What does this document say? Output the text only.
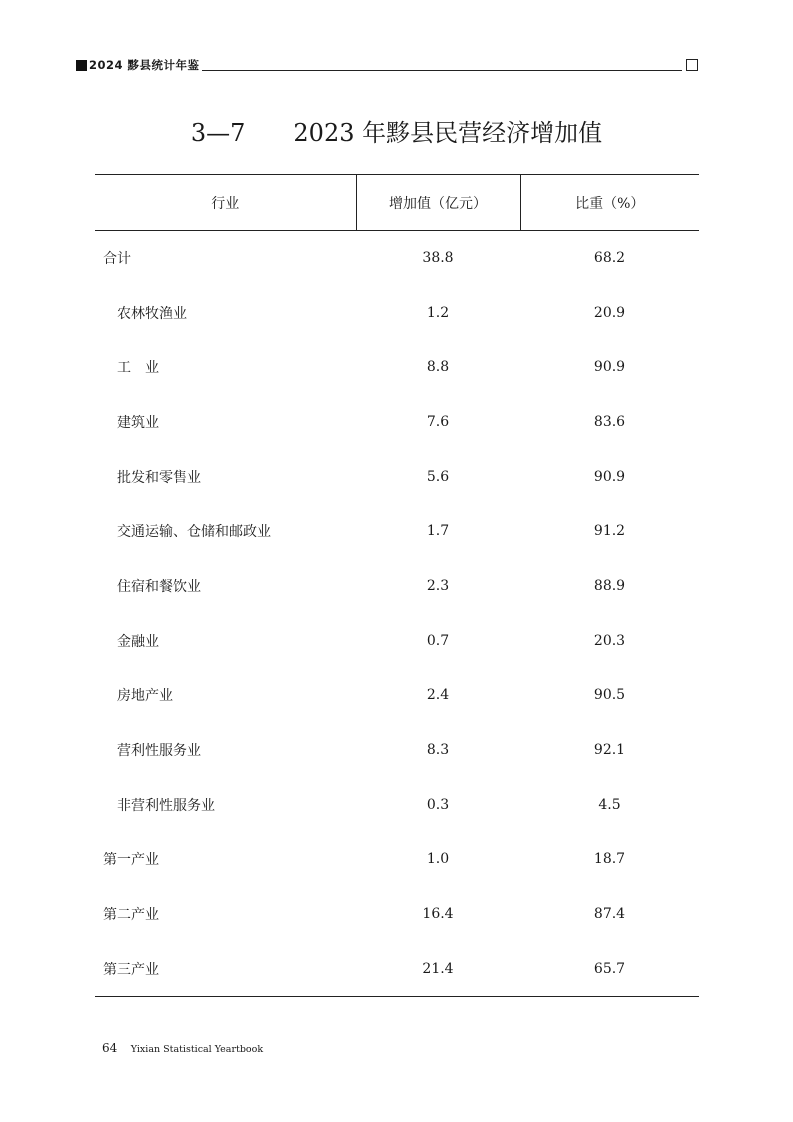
2024 黟县统计年鉴
3—7 2023 年黟县民营经济增加值
行业	增加值（亿元）	比重（%）
合计	38.8	68.2
农林牧渔业	1.2	20.9
工　业	8.8	90.9
建筑业	7.6	83.6
批发和零售业	5.6	90.9
交通运输、仓储和邮政业	1.7	91.2
住宿和餐饮业	2.3	88.9
金融业	0.7	20.3
房地产业	2.4	90.5
营利性服务业	8.3	92.1
非营利性服务业	0.3	4.5
第一产业	1.0	18.7
第二产业	16.4	87.4
第三产业	21.4	65.7
64 Yixian Statistical Yeartbook
